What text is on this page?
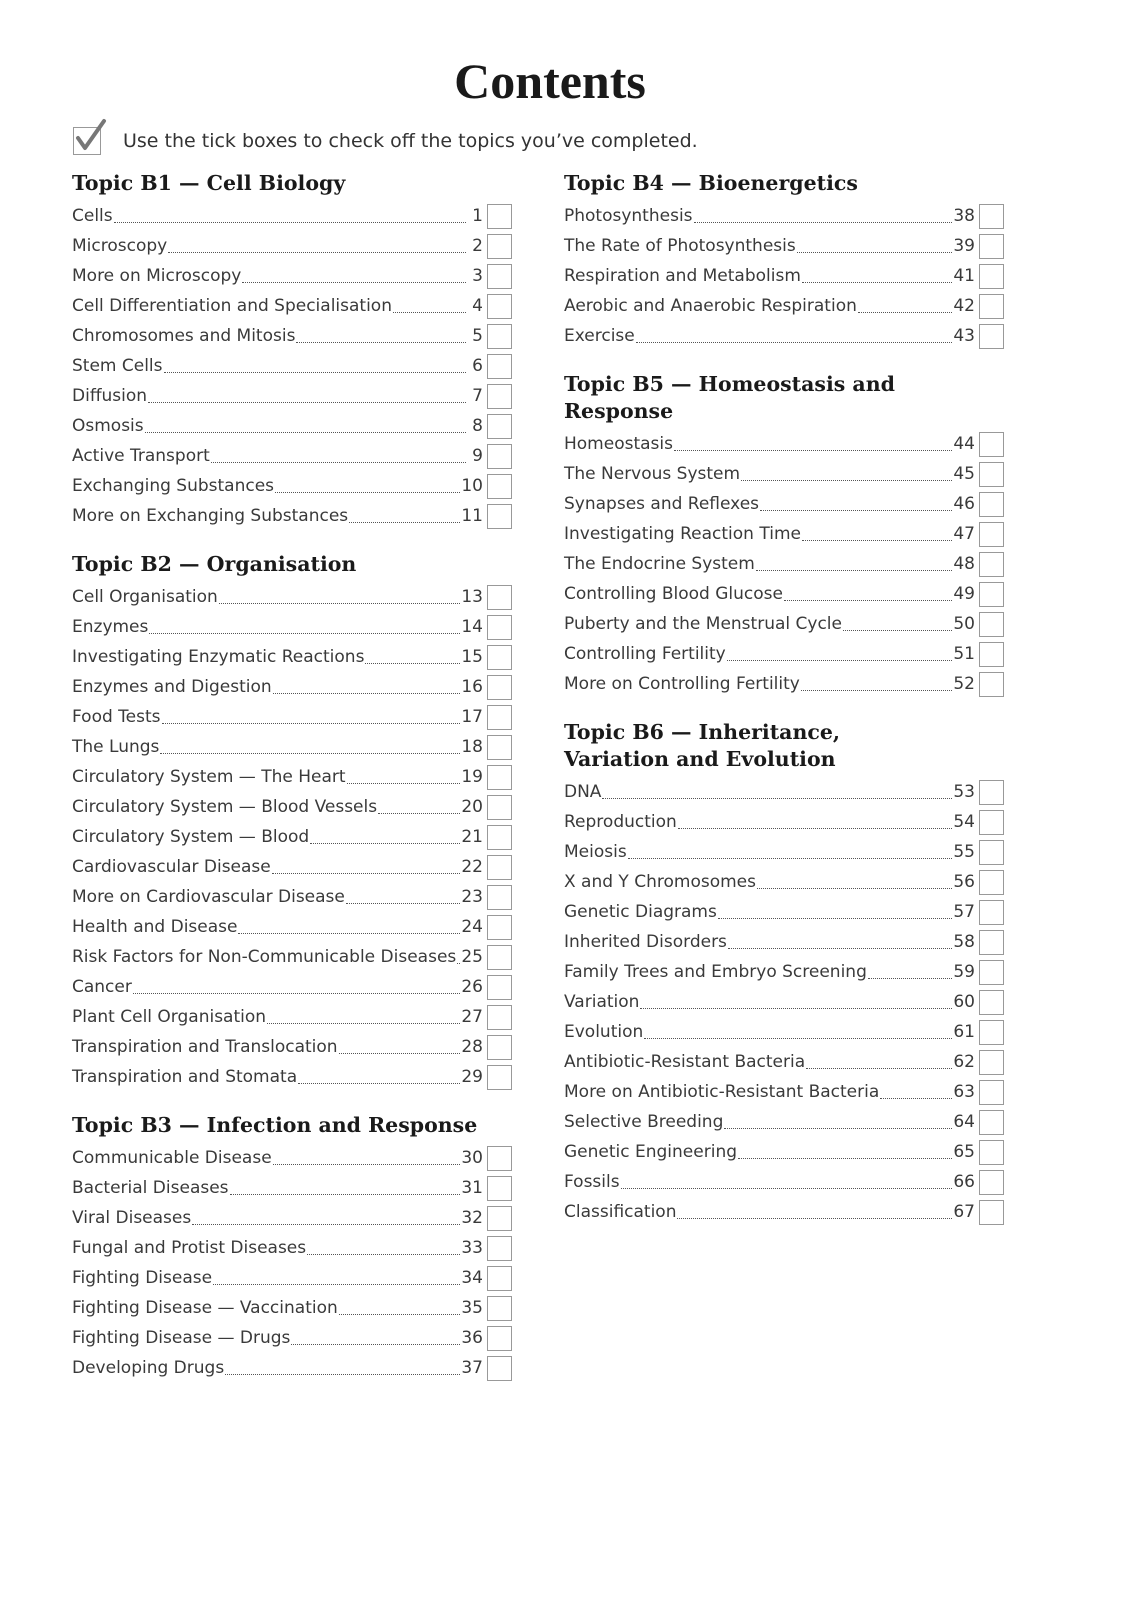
Contents
Use the tick boxes to check off the topics you’ve completed.
Topic B1 — Cell Biology
Cells	1
Microscopy	2
More on Microscopy	3
Cell Differentiation and Specialisation	4
Chromosomes and Mitosis	5
Stem Cells	6
Diffusion	7
Osmosis	8
Active Transport	9
Exchanging Substances	10
More on Exchanging Substances	11
Topic B2 — Organisation
Cell Organisation	13
Enzymes	14
Investigating Enzymatic Reactions	15
Enzymes and Digestion	16
Food Tests	17
The Lungs	18
Circulatory System — The Heart	19
Circulatory System — Blood Vessels	20
Circulatory System — Blood	21
Cardiovascular Disease	22
More on Cardiovascular Disease	23
Health and Disease	24
Risk Factors for Non-Communicable Diseases 25
Cancer	26
Plant Cell Organisation	27
Transpiration and Translocation	28
Transpiration and Stomata	29
Topic B3 — Infection and Response
Communicable Disease	30
Bacterial Diseases	31
Viral Diseases	32
Fungal and Protist Diseases	33
Fighting Disease	34
Fighting Disease — Vaccination	35
Fighting Disease — Drugs	36
Developing Drugs	37
Topic B4 — Bioenergetics
Photosynthesis	38
The Rate of Photosynthesis	39
Respiration and Metabolism	41
Aerobic and Anaerobic Respiration	42
Exercise	43
Topic B5 — Homeostasis and Response
Homeostasis	44
The Nervous System	45
Synapses and Reflexes	46
Investigating Reaction Time	47
The Endocrine System	48
Controlling Blood Glucose	49
Puberty and the Menstrual Cycle	50
Controlling Fertility	51
More on Controlling Fertility	52
Topic B6 — Inheritance, Variation and Evolution
DNA	53
Reproduction	54
Meiosis	55
X and Y Chromosomes	56
Genetic Diagrams	57
Inherited Disorders	58
Family Trees and Embryo Screening	59
Variation	60
Evolution	61
Antibiotic-Resistant Bacteria	62
More on Antibiotic-Resistant Bacteria	63
Selective Breeding	64
Genetic Engineering	65
Fossils	66
Classification	67
